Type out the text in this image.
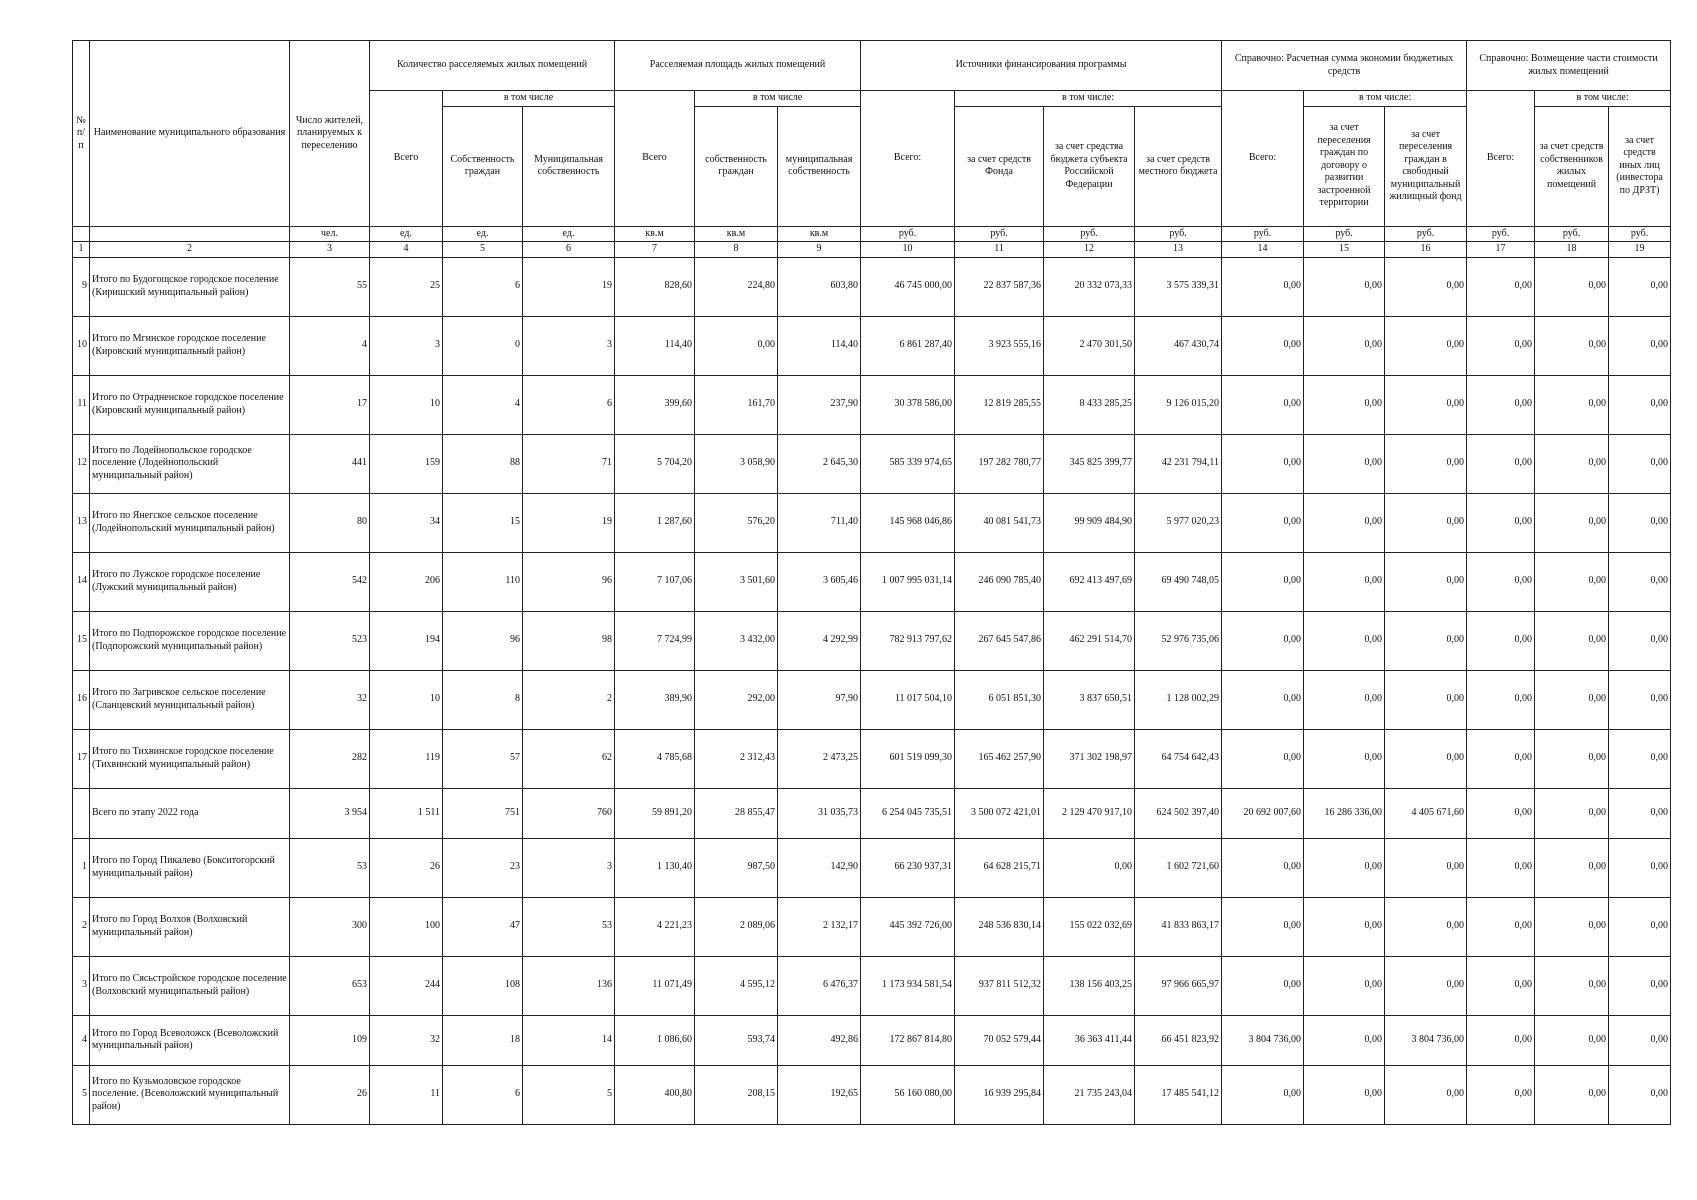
№ п/ п	Наименование муниципального образования	Число жителей, планируемых к переселению	Количество расселяемых жилых помещений			Расселяемая площадь жилых помещений			Источники финансирования программы				Справочно: Расчетная сумма экономии бюджетных средств			Справочно: Возмещение части стоимости жилых помещений		
			Всего	в том числе		Всего	в том числе		Всего:	в том числе:			Всего:	в том числе:		Всего:	в том числе:	
				Собственность граждан	Муниципальная собственность		собственность граждан	муниципальная собственность		за счет средств Фонда	за счет средства бюджета субъекта Российской Федерации	за счет средств местного бюджета		за счет переселения граждан по договору о развитии застроенной территории	за счет переселения граждан в свободный муниципальный жилищный фонд		за счет средств собственников жилых помещений	за счет средств иных лиц (инвестора по ДРЗТ)
		чел.	ед.	ед.	ед.	кв.м	кв.м	кв.м	руб.	руб.	руб.	руб.	руб.	руб.	руб.	руб.	руб.	руб.
1	2	3	4	5	6	7	8	9	10	11	12	13	14	15	16	17	18	19
9	Итого по Будогощское городское поселение (Киришский муниципальный район)	55	25	6	19	828,60	224,80	603,80	46 745 000,00	22 837 587,36	20 332 073,33	3 575 339,31	0,00	0,00	0,00	0,00	0,00	0,00
10	Итого по Мгинское городское поселение (Кировский муниципальный район)	4	3	0	3	114,40	0,00	114,40	6 861 287,40	3 923 555,16	2 470 301,50	467 430,74	0,00	0,00	0,00	0,00	0,00	0,00
11	Итого по Отрадненское городское поселение (Кировский муниципальный район)	17	10	4	6	399,60	161,70	237,90	30 378 586,00	12 819 285,55	8 433 285,25	9 126 015,20	0,00	0,00	0,00	0,00	0,00	0,00
12	Итого по Лодейнопольское городское поселение (Лодейнопольский муниципальный район)	441	159	88	71	5 704,20	3 058,90	2 645,30	585 339 974,65	197 282 780,77	345 825 399,77	42 231 794,11	0,00	0,00	0,00	0,00	0,00	0,00
13	Итого по Янегское сельское поселение (Лодейнопольский муниципальный район)	80	34	15	19	1 287,60	576,20	711,40	145 968 046,86	40 081 541,73	99 909 484,90	5 977 020,23	0,00	0,00	0,00	0,00	0,00	0,00
14	Итого по Лужское городское поселение (Лужский муниципальный район)	542	206	110	96	7 107,06	3 501,60	3 605,46	1 007 995 031,14	246 090 785,40	692 413 497,69	69 490 748,05	0,00	0,00	0,00	0,00	0,00	0,00
15	Итого по Подпорожское городское поселение (Подпорожский муниципальный район)	523	194	96	98	7 724,99	3 432,00	4 292,99	782 913 797,62	267 645 547,86	462 291 514,70	52 976 735,06	0,00	0,00	0,00	0,00	0,00	0,00
16	Итого по Загривское сельское поселение (Сланцевский муниципальный район)	32	10	8	2	389,90	292,00	97,90	11 017 504,10	6 051 851,30	3 837 650,51	1 128 002,29	0,00	0,00	0,00	0,00	0,00	0,00
17	Итого по Тихвинское городское поселение (Тихвинский муниципальный район)	282	119	57	62	4 785,68	2 312,43	2 473,25	601 519 099,30	165 462 257,90	371 302 198,97	64 754 642,43	0,00	0,00	0,00	0,00	0,00	0,00
	Всего по этапу 2022 года	3 954	1 511	751	760	59 891,20	28 855,47	31 035,73	6 254 045 735,51	3 500 072 421,01	2 129 470 917,10	624 502 397,40	20 692 007,60	16 286 336,00	4 405 671,60	0,00	0,00	0,00
1	Итого по Город Пикалево (Бокситогорский муниципальный район)	53	26	23	3	1 130,40	987,50	142,90	66 230 937,31	64 628 215,71	0,00	1 602 721,60	0,00	0,00	0,00	0,00	0,00	0,00
2	Итого по Город Волхов (Волховский муниципальный район)	300	100	47	53	4 221,23	2 089,06	2 132,17	445 392 726,00	248 536 830,14	155 022 032,69	41 833 863,17	0,00	0,00	0,00	0,00	0,00	0,00
3	Итого по Сясьстройское городское поселение (Волховский муниципальный район)	653	244	108	136	11 071,49	4 595,12	6 476,37	1 173 934 581,54	937 811 512,32	138 156 403,25	97 966 665,97	0,00	0,00	0,00	0,00	0,00	0,00
4	Итого по Город Всеволожск (Всеволожский муниципальный район)	109	32	18	14	1 086,60	593,74	492,86	172 867 814,80	70 052 579,44	36 363 411,44	66 451 823,92	3 804 736,00	0,00	3 804 736,00	0,00	0,00	0,00
5	Итого по Кузьмоловское городское поселение. (Всеволожский муниципальный район)	26	11	6	5	400,80	208,15	192,65	56 160 080,00	16 939 295,84	21 735 243,04	17 485 541,12	0,00	0,00	0,00	0,00	0,00	0,00
